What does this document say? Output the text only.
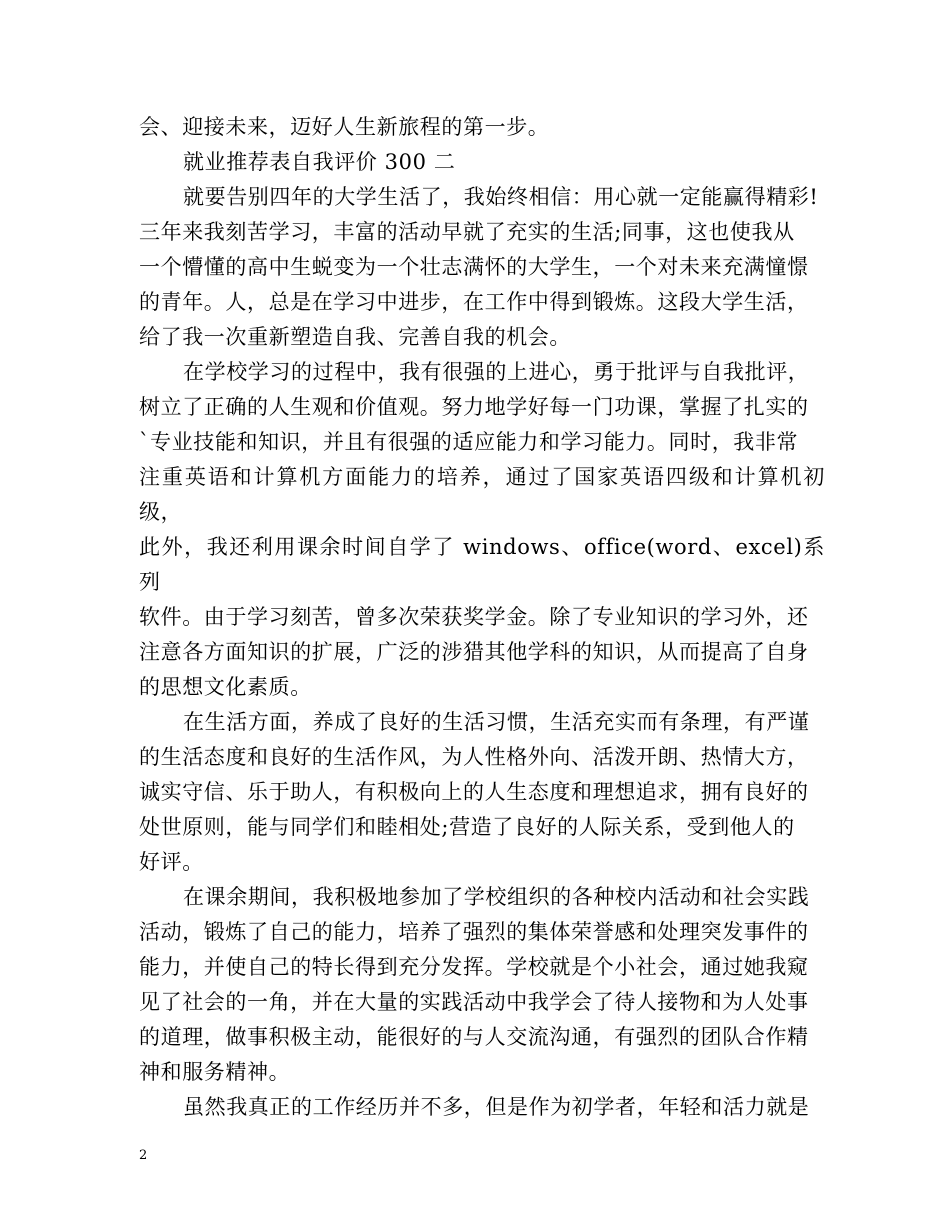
会、迎接未来，迈好人生新旅程的第一步。

就业推荐表自我评价 300 二

就要告别四年的大学生活了，我始终相信：用心就一定能赢得精彩!
三年来我刻苦学习，丰富的活动早就了充实的生活;同事，这也使我从
一个懵懂的高中生蜕变为一个壮志满怀的大学生，一个对未来充满憧憬
的青年。人，总是在学习中进步，在工作中得到锻炼。这段大学生活，
给了我一次重新塑造自我、完善自我的机会。

在学校学习的过程中，我有很强的上进心，勇于批评与自我批评，
树立了正确的人生观和价值观。努力地学好每一门功课，掌握了扎实的
`专业技能和知识，并且有很强的适应能力和学习能力。同时，我非常
注重英语和计算机方面能力的培养，通过了国家英语四级和计算机初级，
此外，我还利用课余时间自学了 windows、office(word、excel)系列
软件。由于学习刻苦，曾多次荣获奖学金。除了专业知识的学习外，还
注意各方面知识的扩展，广泛的涉猎其他学科的知识，从而提高了自身
的思想文化素质。

在生活方面，养成了良好的生活习惯，生活充实而有条理，有严谨
的生活态度和良好的生活作风，为人性格外向、活泼开朗、热情大方，
诚实守信、乐于助人，有积极向上的人生态度和理想追求，拥有良好的
处世原则，能与同学们和睦相处;营造了良好的人际关系，受到他人的
好评。

在课余期间，我积极地参加了学校组织的各种校内活动和社会实践
活动，锻炼了自己的能力，培养了强烈的集体荣誉感和处理突发事件的
能力，并使自己的特长得到充分发挥。学校就是个小社会，通过她我窥
见了社会的一角，并在大量的实践活动中我学会了待人接物和为人处事
的道理，做事积极主动，能很好的与人交流沟通，有强烈的团队合作精
神和服务精神。

虽然我真正的工作经历并不多，但是作为初学者，年轻和活力就是

2
